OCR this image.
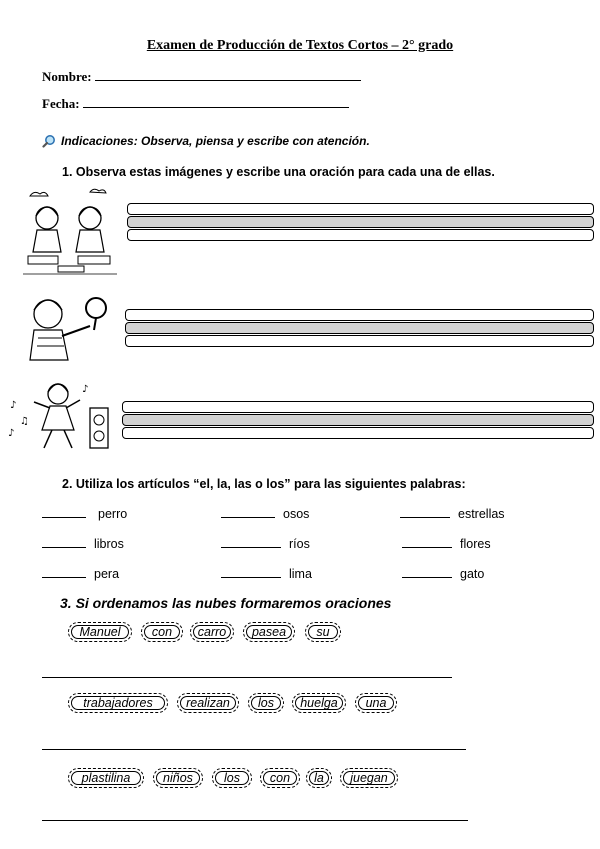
Examen de Producción de Textos Cortos – 2° grado
Nombre:
Fecha:
Indicaciones: Observa, piensa y escribe con atención.
1. Observa estas imágenes y escribe una oración para cada una de ellas.
♪
♫
♪
♪
2. Utiliza los artículos “el, la, las o los” para las siguientes palabras:
perro	osos	estrellas
libros	ríos	flores
pera	lima	gato
3. Si ordenamos las nubes formaremos oraciones
Manuel	con	carro	pasea	su
trabajadores	realizan	los	huelga	una
plastilina	niños	los	con	la	juegan
